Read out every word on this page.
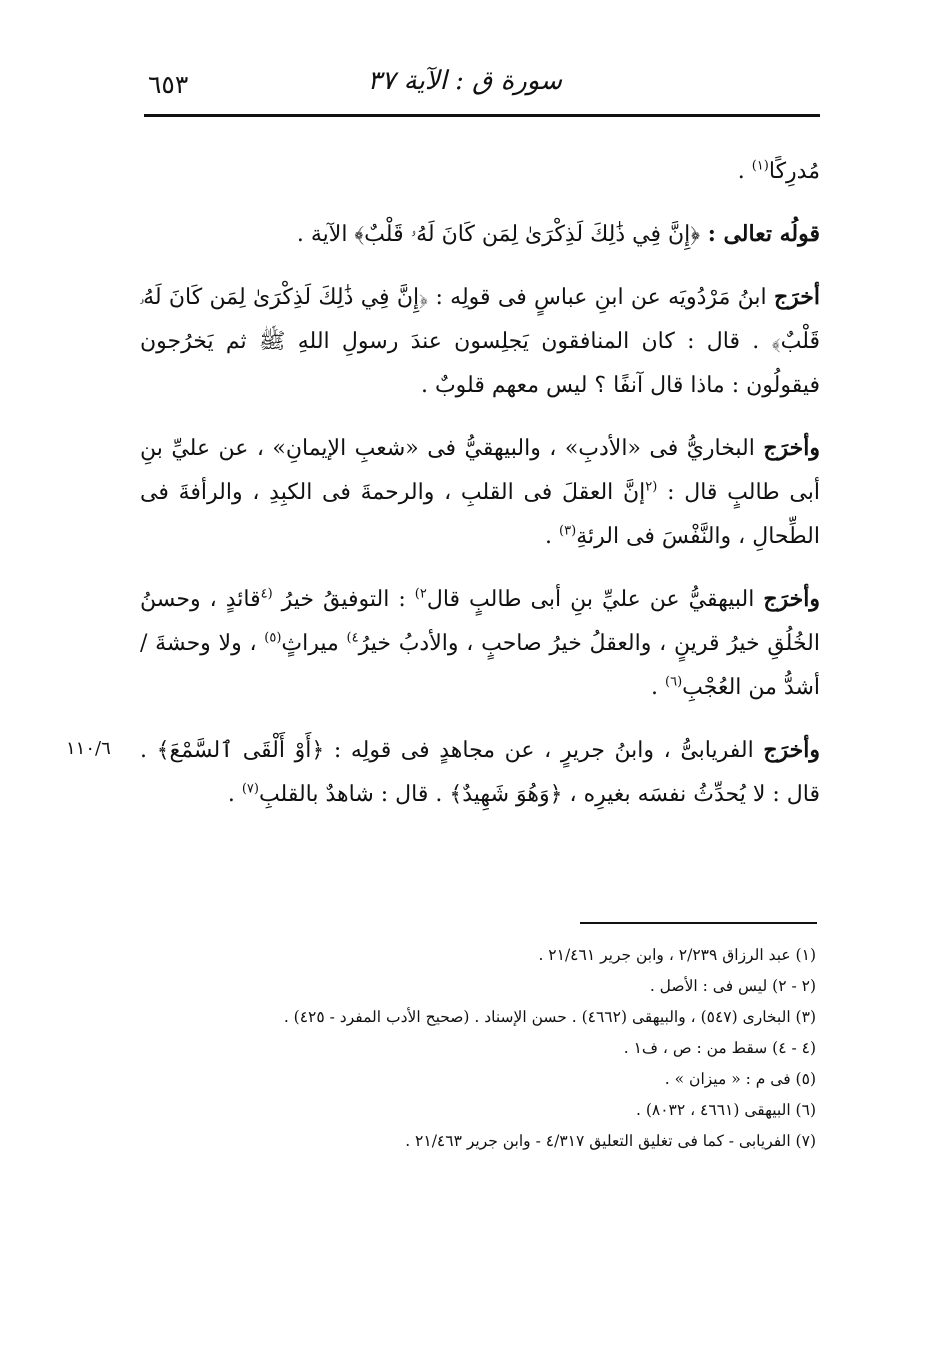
٦٥٣	سورة ق : الآية ٣٧

مُدرِكًا$^{(١)}$ .

قولُه تعالى : ﴿إِنَّ فِي ذَٰلِكَ لَذِكْرَىٰ لِمَن كَانَ لَهُۥ قَلْبٌ﴾ الآية .

أخرَج ابنُ مَرْدُويَه عن ابنِ عباسٍ فى قولِه : ﴿إِنَّ فِي ذَٰلِكَ لَذِكْرَىٰ لِمَن كَانَ لَهُۥ قَلْبٌ﴾ . قال : كان المنافقون يَجلِسون عندَ رسولِ اللهِ ﷺ ثم يَخرُجون فيقولُون : ماذا قال آنفًا ؟ ليس معهم قلوبٌ .

وأخرَج البخاريُّ فى «الأدبِ» ، والبيهقيُّ فى «شعبِ الإيمانِ» ، عن عليِّ بنِ أبى طالبٍ قال : $^{(٢}$إنَّ العقلَ فى القلبِ ، والرحمةَ فى الكبِدِ ، والرأفةَ فى الطِّحالِ ، والنَّفْسَ فى الرئةِ$^{(٣)}$ .

وأخرَج البيهقيُّ عن عليِّ بنِ أبى طالبٍ قال$^{٢)}$ : التوفيقُ خيرُ $^{(٤}$قائدٍ ، وحسنُ الخُلُقِ خيرُ قرينٍ ، والعقلُ خيرُ صاحبٍ ، والأدبُ خيرُ$^{٤)}$ ميراثٍ$^{(٥)}$ ، ولا وحشةَ /أشدُّ من العُجْبِ$^{(٦)}$ .

وأخرَج الفريابىُّ ، وابنُ جريرٍ ، عن مجاهدٍ فى قولِه : ﴿أَوْ أَلْقَى ٱلسَّمْعَ﴾ . قال : لا يُحدِّثُ نفسَه بغيرِه ، ﴿وَهُوَ شَهِيدٌ﴾ . قال : شاهدٌ بالقلبِ$^{(٧)}$ .

١١٠/٦
(١) عبد الرزاق ٢/٢٣٩ ، وابن جرير ٢١/٤٦١ .
(٢ - ٢) ليس فى : الأصل .
(٣) البخارى (٥٤٧) ، والبيهقى (٤٦٦٢) . حسن الإسناد . (صحيح الأدب المفرد - ٤٢٥) .
(٤ - ٤) سقط من : ص ، ف١ .
(٥) فى م : « ميزان » .
(٦) البيهقى (٤٦٦١ ، ٨٠٣٢) .
(٧) الفريابى - كما فى تغليق التعليق ٤/٣١٧ - وابن جرير ٢١/٤٦٣ .
